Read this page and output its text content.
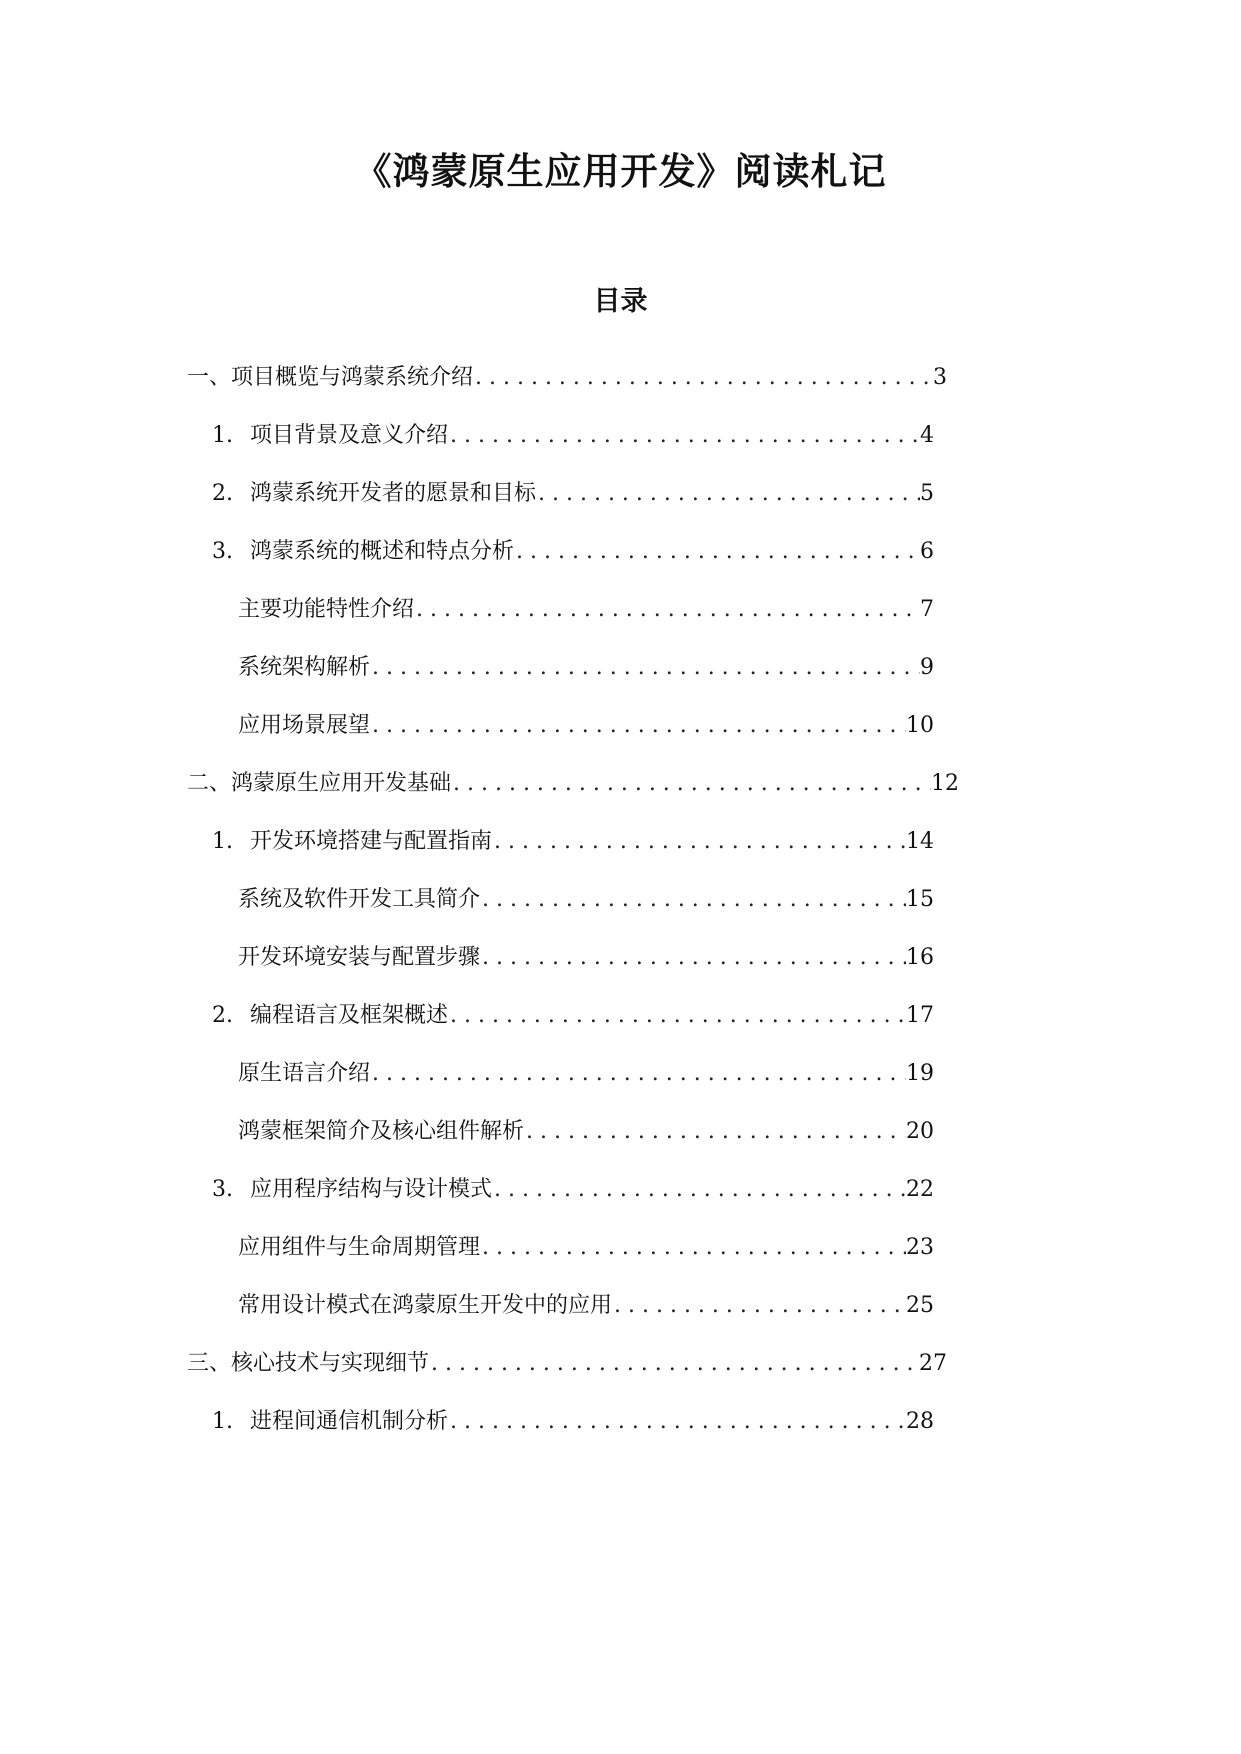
《鸿蒙原生应用开发》阅读札记
目录
一、项目概览与鸿蒙系统介绍 . . .	3
1. 项目背景及意义介绍 . . .	4
2. 鸿蒙系统开发者的愿景和目标 . . .	5
3. 鸿蒙系统的概述和特点分析 . . .	6
主要功能特性介绍 . . .	7
系统架构解析 . . .	9
应用场景展望 . . .	10
二、鸿蒙原生应用开发基础 . . .	12
1. 开发环境搭建与配置指南 . . .	14
系统及软件开发工具简介 . . .	15
开发环境安装与配置步骤 . . .	16
2. 编程语言及框架概述 . . .	17
原生语言介绍 . . .	19
鸿蒙框架简介及核心组件解析 . . .	20
3. 应用程序结构与设计模式 . . .	22
应用组件与生命周期管理 . . .	23
常用设计模式在鸿蒙原生开发中的应用 . . .	25
三、核心技术与实现细节 . . .	27
1. 进程间通信机制分析 . . .	28
